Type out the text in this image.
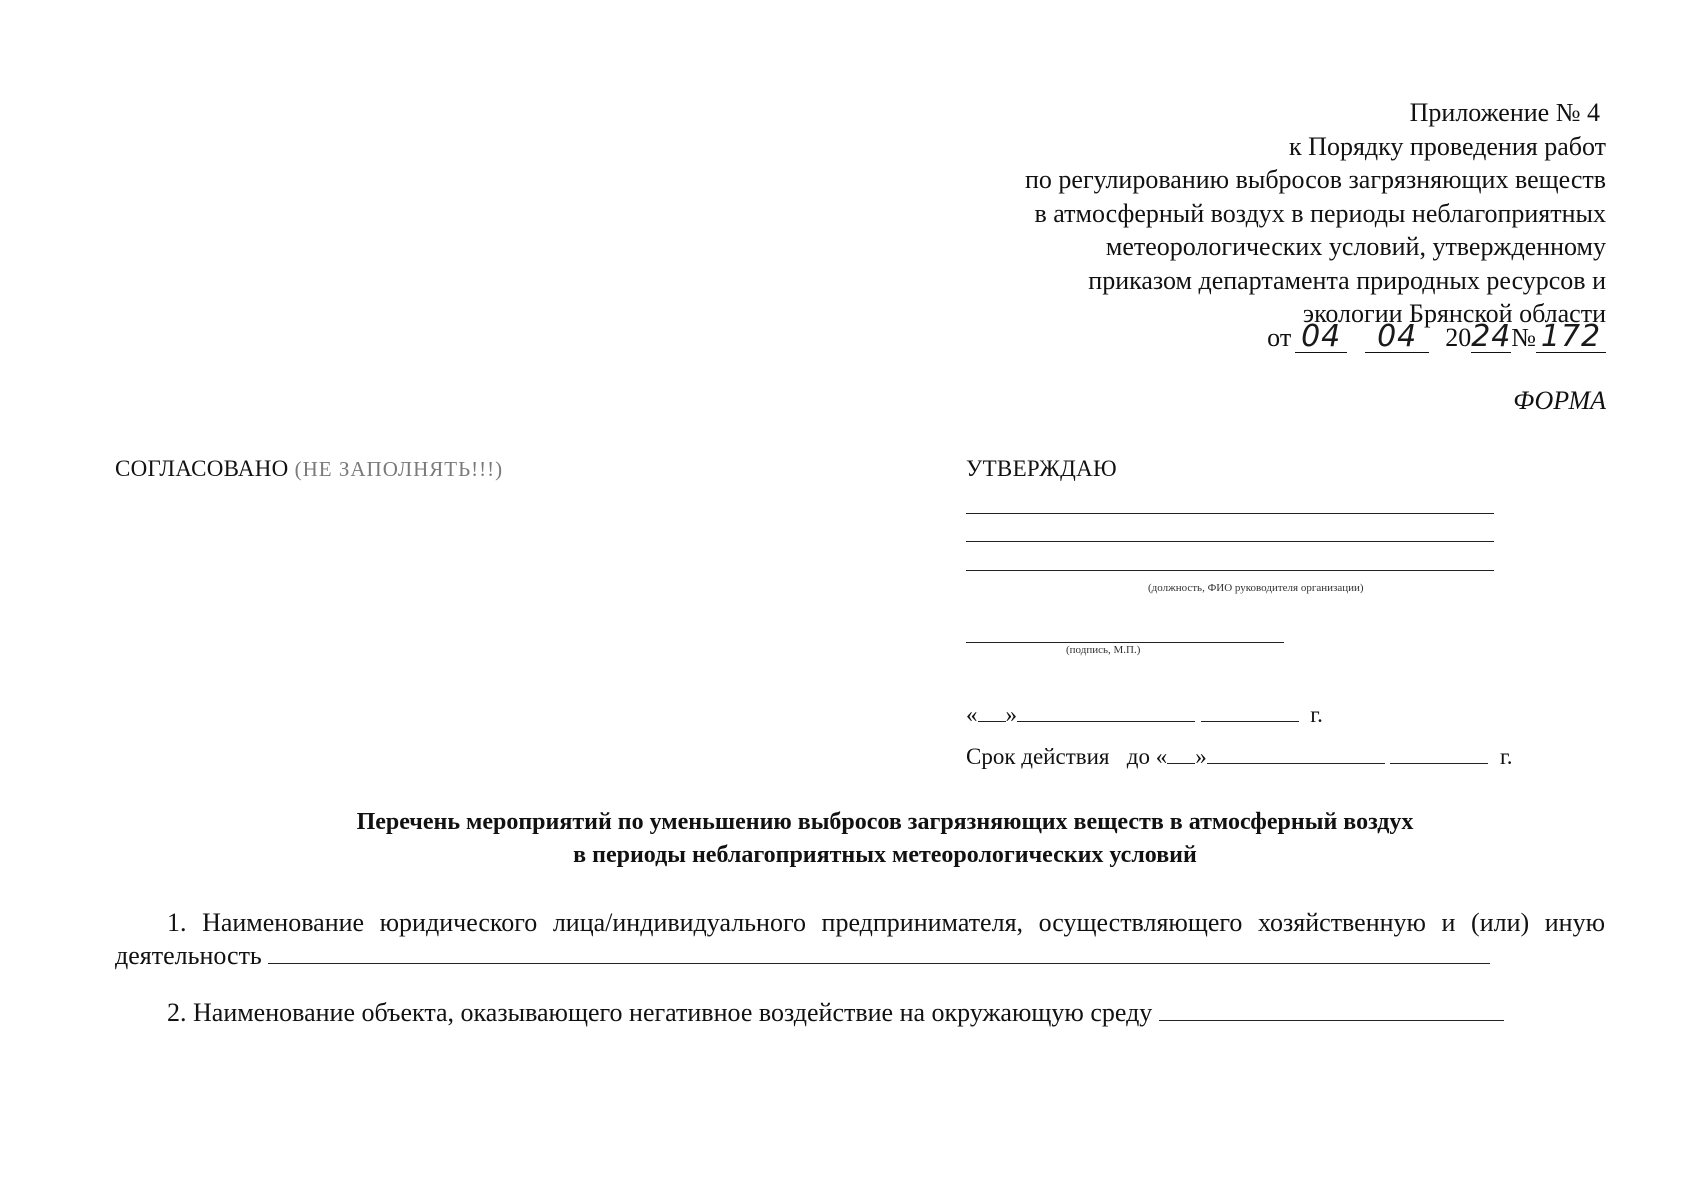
Приложение № 4
к Порядку проведения работ
по регулированию выбросов загрязняющих веществ
в атмосферный воздух в периоды неблагоприятных
метеорологических условий, утвержденному
приказом департамента природных ресурсов и
экологии Брянской области
от 04	04	20 24 № 172
ФОРМА
СОГЛАСОВАНО (НЕ ЗАПОЛНЯТЬ!!!)	УТВЕРЖДАЮ
(должность, ФИО руководителя организации)
(подпись, М.П.)
« »	г.
Срок действия до « »	г.
Перечень мероприятий по уменьшению выбросов загрязняющих веществ в атмосферный воздух
в периоды неблагоприятных метеорологических условий
1. Наименование юридического лица/индивидуального предпринимателя, осуществляющего хозяйственную и (или) иную деятельность
2. Наименование объекта, оказывающего негативное воздействие на окружающую среду
